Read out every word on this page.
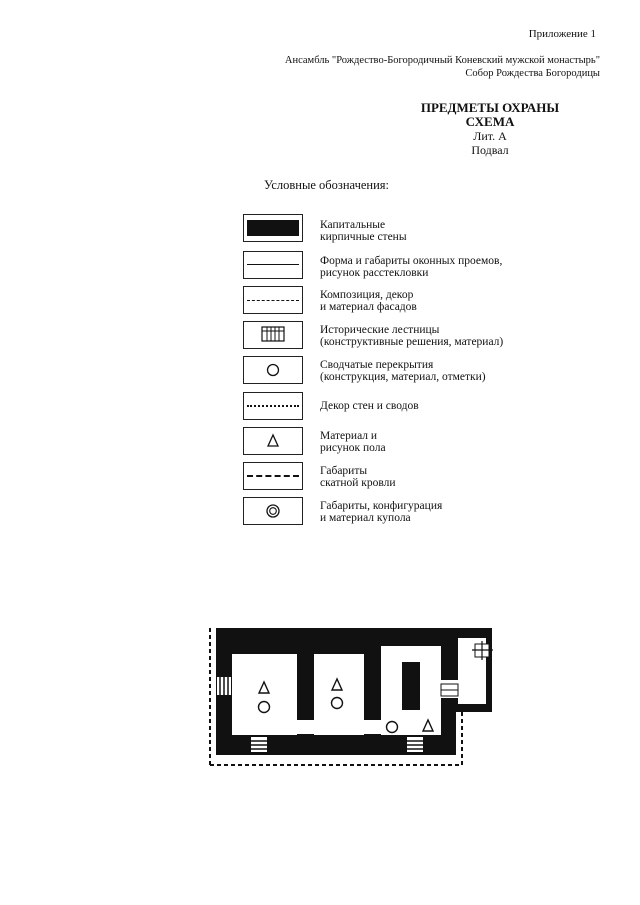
Приложение 1
Ансамбль "Рождество-Богородичный Коневский мужской монастырь"
Собор Рождества Богородицы
ПРЕДМЕТЫ ОХРАНЫ
СХЕМА
Лит. А
Подвал
Условные обозначения:
Капитальные
кирпичные стены
Форма и габариты оконных проемов,
рисунок расстекловки
Композиция, декор
и материал фасадов
Исторические лестницы
(конструктивные решения, материал)
Сводчатые перекрытия
(конструкция, материал, отметки)
Декор стен и сводов
Материал и
рисунок пола
Габариты
скатной кровли
Габариты, конфигурация
и материал купола
